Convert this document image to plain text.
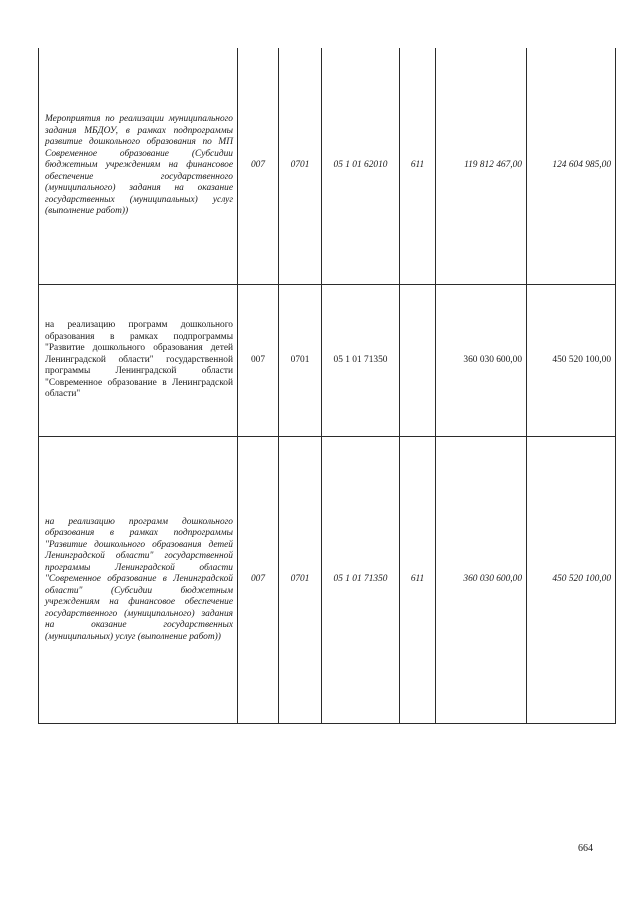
Мероприятия по реализации муниципального задания МБДОУ, в рамках подпрограммы развитие дошкольного образования по МП Современное образование (Субсидии бюджетным учреждениям на финансовое обеспечение государственного (муниципального) задания на оказание государственных (муниципальных) услуг (выполнение работ))	007	0701	05 1 01 62010	611	119 812 467,00	124 604 985,00
на реализацию программ дошкольного образования в рамках подпрограммы "Развитие дошкольного образования детей Ленинградской области" государственной программы Ленинградской области "Современное образование в Ленинградской области"	007	0701	05 1 01 71350		360 030 600,00	450 520 100,00
на реализацию программ дошкольного образования в рамках подпрограммы "Развитие дошкольного образования детей Ленинградской области" государственной программы Ленинградской области "Современное образование в Ленинградской области" (Субсидии бюджетным учреждениям на финансовое обеспечение государственного (муниципального) задания на оказание государственных (муниципальных) услуг (выполнение работ))	007	0701	05 1 01 71350	611	360 030 600,00	450 520 100,00
664
